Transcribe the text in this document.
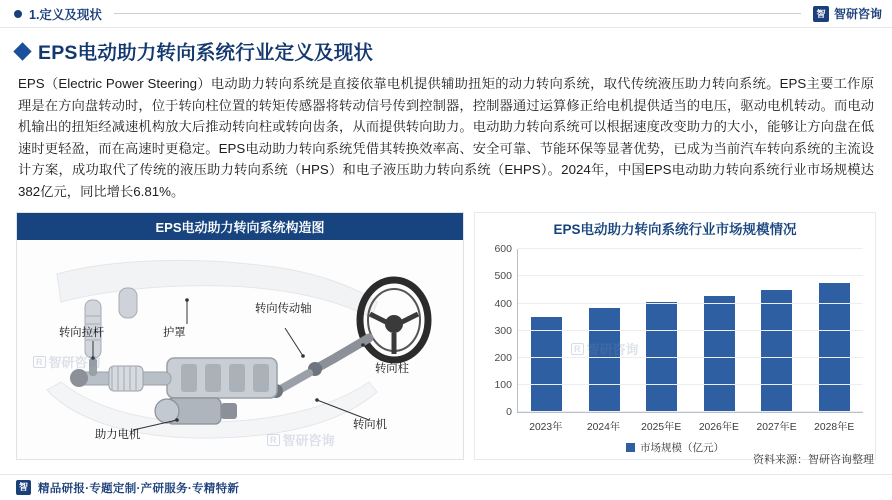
1.定义及现状	智 智研咨询
EPS电动助力转向系统行业定义及现状
EPS（Electric Power Steering）电动助力转向系统是直接依靠电机提供辅助扭矩的动力转向系统，取代传统液压助力转向系统。EPS主要工作原理是在方向盘转动时，位于转向柱位置的转矩传感器将转动信号传到控制器，控制器通过运算修正给电机提供适当的电压，驱动电机转动。而电动机输出的扭矩经减速机构放大后推动转向柱或转向齿条，从而提供转向助力。电动助力转向系统可以根据速度改变助力的大小，能够让方向盘在低速时更轻盈，而在高速时更稳定。EPS电动助力转向系统凭借其转换效率高、安全可靠、节能环保等显著优势，已成为当前汽车转向系统的主流设计方案，成功取代了传统的液压助力转向系统（HPS）和电子液压助力转向系统（EHPS）。2024年，中国EPS电动助力转向系统行业市场规模达382亿元，同比增长6.81%。
EPS电动助力转向系统构造图
转向拉杆	护罩
转向传动轴
转向柱
转向机
助力电机
R 智研咨询
R 智研咨询
EPS电动助力转向系统行业市场规模情况
0
100
200
300
400
500
600
2023年	2024年	2025年E	2026年E	2027年E	2028年E
市场规模（亿元）
R 智研咨询
资料来源：智研咨询整理
智 精品研报·专题定制·产研服务·专精特新
